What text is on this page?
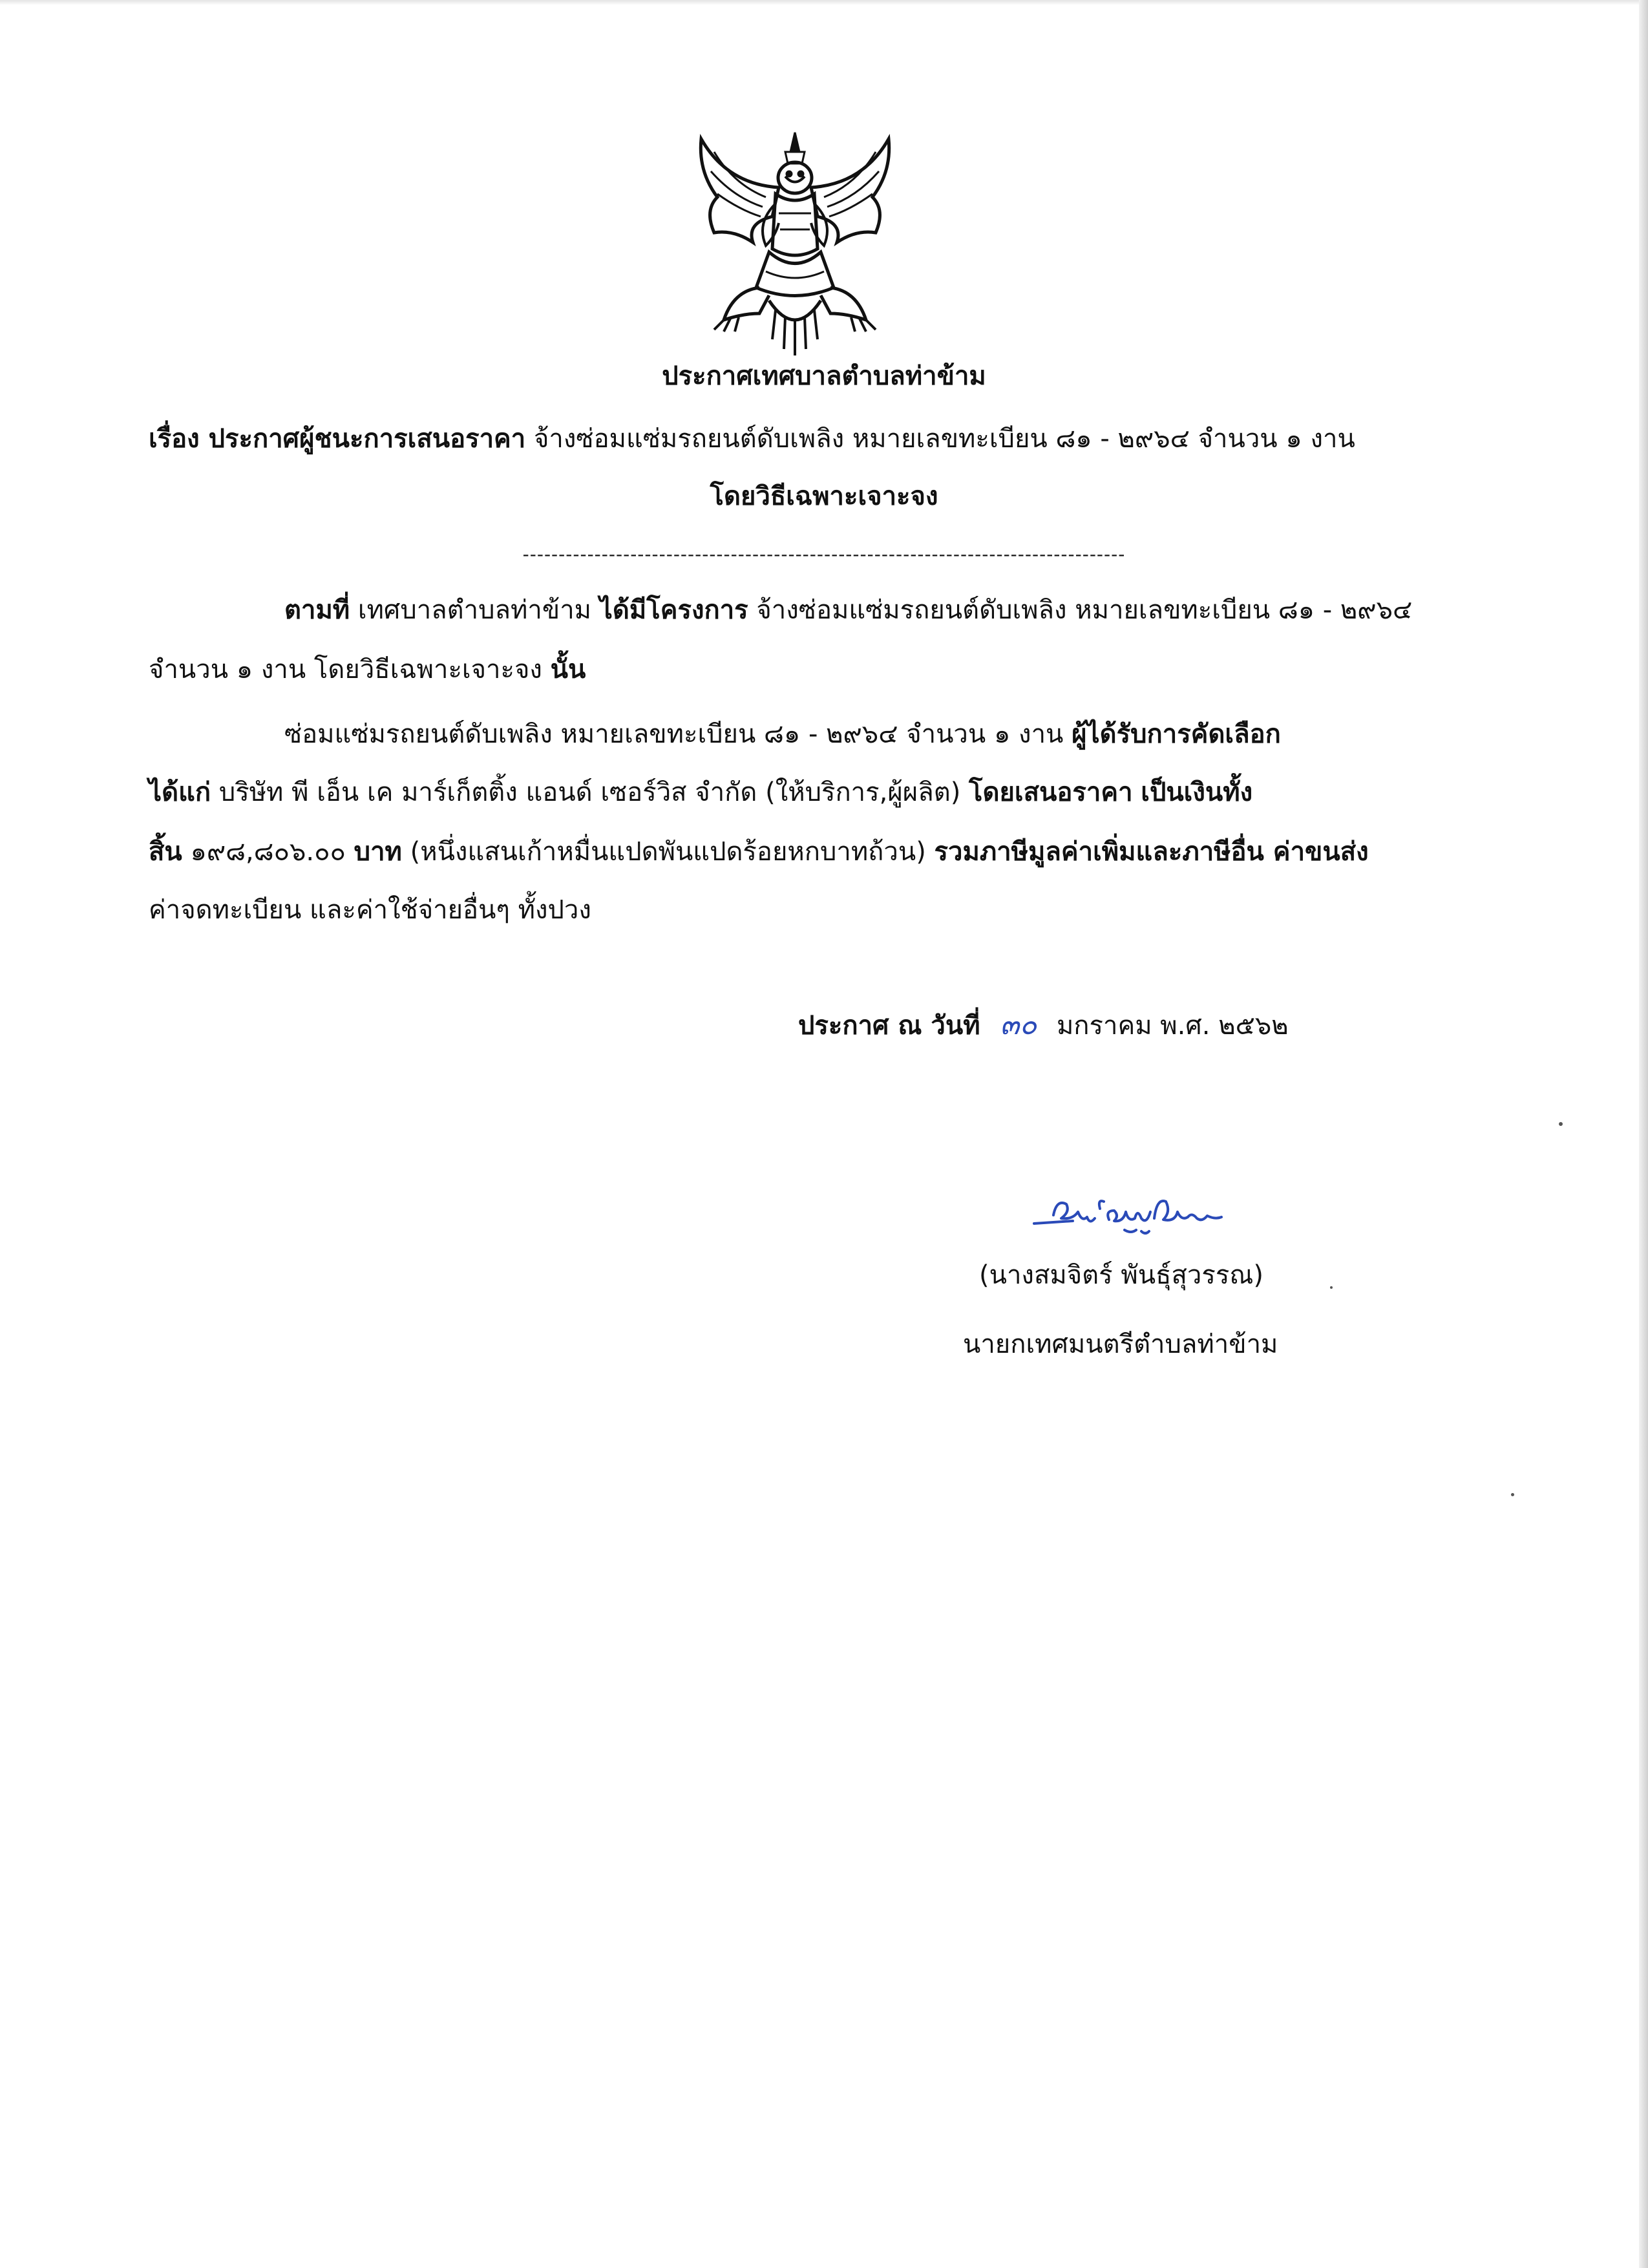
ประกาศเทศบาลตำบลท่าข้าม
เรื่อง ประกาศผู้ชนะการเสนอราคา จ้างซ่อมแซ่มรถยนต์ดับเพลิง หมายเลขทะเบียน ๘๑ - ๒๙๖๔ จำนวน ๑ งาน
โดยวิธีเฉพาะเจาะจง
------------------------------------------------------------------------------------
ตามที่ เทศบาลตำบลท่าข้าม ได้มีโครงการ จ้างซ่อมแซ่มรถยนต์ดับเพลิง หมายเลขทะเบียน ๘๑ - ๒๙๖๔
จำนวน ๑ งาน โดยวิธีเฉพาะเจาะจง นั้น
ซ่อมแซ่มรถยนต์ดับเพลิง หมายเลขทะเบียน ๘๑ - ๒๙๖๔ จำนวน ๑ งาน ผู้ได้รับการคัดเลือก
ได้แก่ บริษัท พี เอ็น เค มาร์เก็ตติ้ง แอนด์ เซอร์วิส จำกัด (ให้บริการ,ผู้ผลิต) โดยเสนอราคา เป็นเงินทั้ง
สิ้น ๑๙๘,๘๐๖.๐๐ บาท (หนึ่งแสนเก้าหมื่นแปดพันแปดร้อยหกบาทถ้วน) รวมภาษีมูลค่าเพิ่มและภาษีอื่น ค่าขนส่ง
ค่าจดทะเบียน และค่าใช้จ่ายอื่นๆ ทั้งปวง
ประกาศ ณ วันที่ ๓๐ มกราคม พ.ศ. ๒๕๖๒
(นางสมจิตร์ พันธุ์สุวรรณ)
นายกเทศมนตรีตำบลท่าข้าม
